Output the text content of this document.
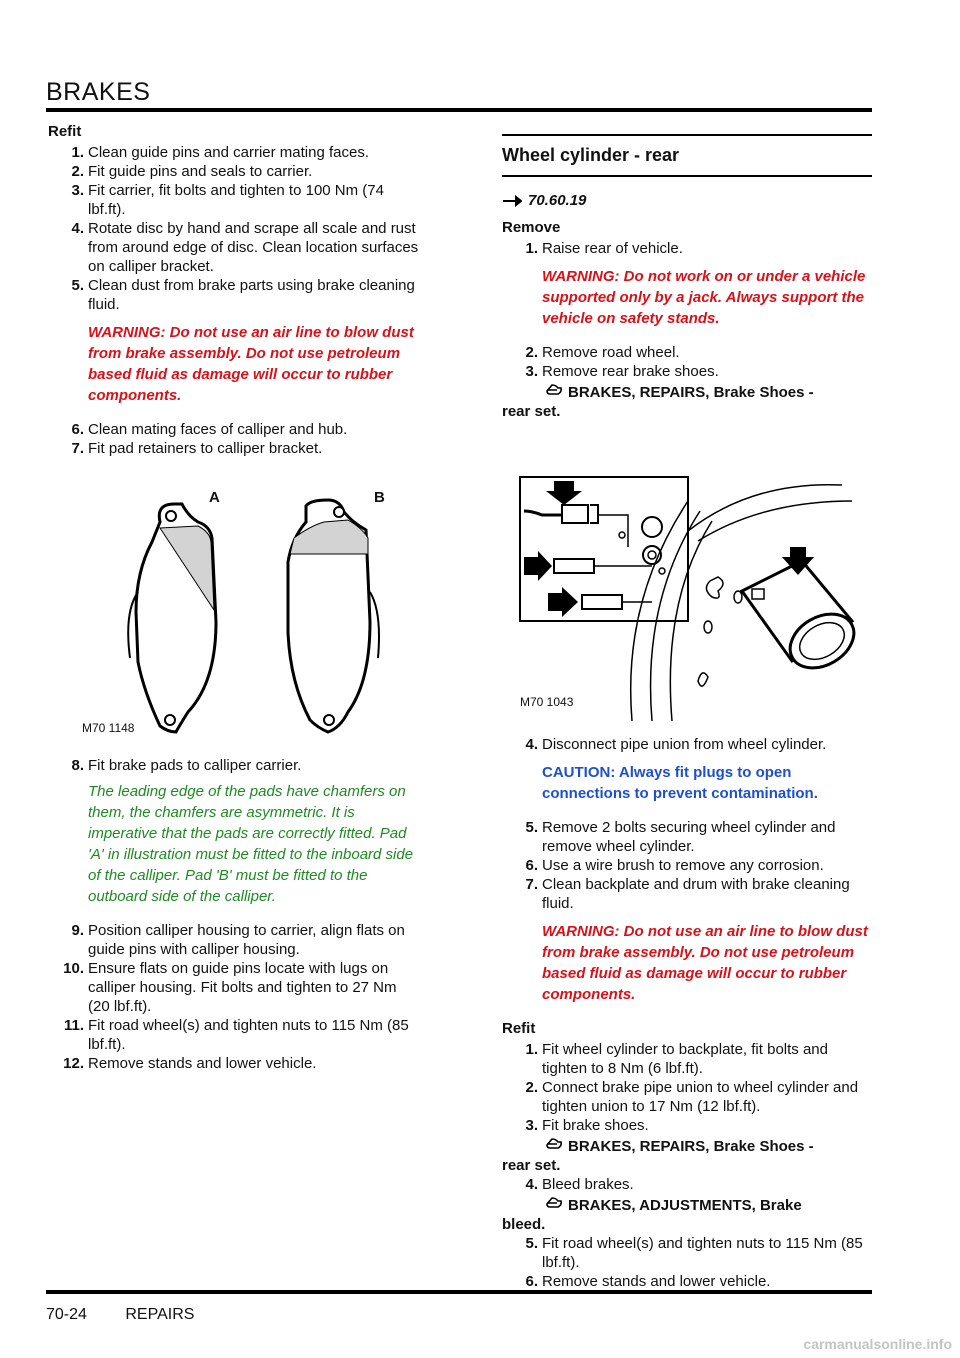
BRAKES

Refit

1. Clean guide pins and carrier mating faces.

2. Fit guide pins and seals to carrier.

3. Fit carrier, fit bolts and tighten to 100 Nm (74 lbf.ft).

4. Rotate disc by hand and scrape all scale and rust from around edge of disc. Clean location surfaces on calliper bracket.

5. Clean dust from brake parts using brake cleaning fluid.

WARNING: Do not use an air line to blow dust from brake assembly. Do not use petroleum based fluid as damage will occur to rubber components.

6. Clean mating faces of calliper and hub.

7. Fit pad retainers to calliper bracket.

A	B
M70 1148

8. Fit brake pads to calliper carrier.

The leading edge of the pads have chamfers on them, the chamfers are asymmetric. It is imperative that the pads are correctly fitted. Pad 'A' in illustration must be fitted to the inboard side of the calliper. Pad 'B' must be fitted to the outboard side of the calliper.

9. Position calliper housing to carrier, align flats on guide pins with calliper housing.

10. Ensure flats on guide pins locate with lugs on calliper housing. Fit bolts and tighten to 27 Nm (20 lbf.ft).

11. Fit road wheel(s) and tighten nuts to 115 Nm (85 lbf.ft).

12. Remove stands and lower vehicle.

Wheel cylinder - rear

70.60.19

Remove

1. Raise rear of vehicle.

WARNING: Do not work on or under a vehicle supported only by a jack. Always support the vehicle on safety stands.

2. Remove road wheel.

3. Remove rear brake shoes.

BRAKES, REPAIRS, Brake Shoes -

rear set.

M70 1043

4. Disconnect pipe union from wheel cylinder.

CAUTION: Always fit plugs to open connections to prevent contamination.

5. Remove 2 bolts securing wheel cylinder and remove wheel cylinder.

6. Use a wire brush to remove any corrosion.

7. Clean backplate and drum with brake cleaning fluid.

WARNING: Do not use an air line to blow dust from brake assembly. Do not use petroleum based fluid as damage will occur to rubber components.

Refit

1. Fit wheel cylinder to backplate, fit bolts and tighten to 8 Nm (6 lbf.ft).

2. Connect brake pipe union to wheel cylinder and tighten union to 17 Nm (12 lbf.ft).

3. Fit brake shoes.

BRAKES, REPAIRS, Brake Shoes -

rear set.

4. Bleed brakes.

BRAKES, ADJUSTMENTS, Brake

bleed.

5. Fit road wheel(s) and tighten nuts to 115 Nm (85 lbf.ft).

6. Remove stands and lower vehicle.

70-24 REPAIRS
carmanualsonline.info
